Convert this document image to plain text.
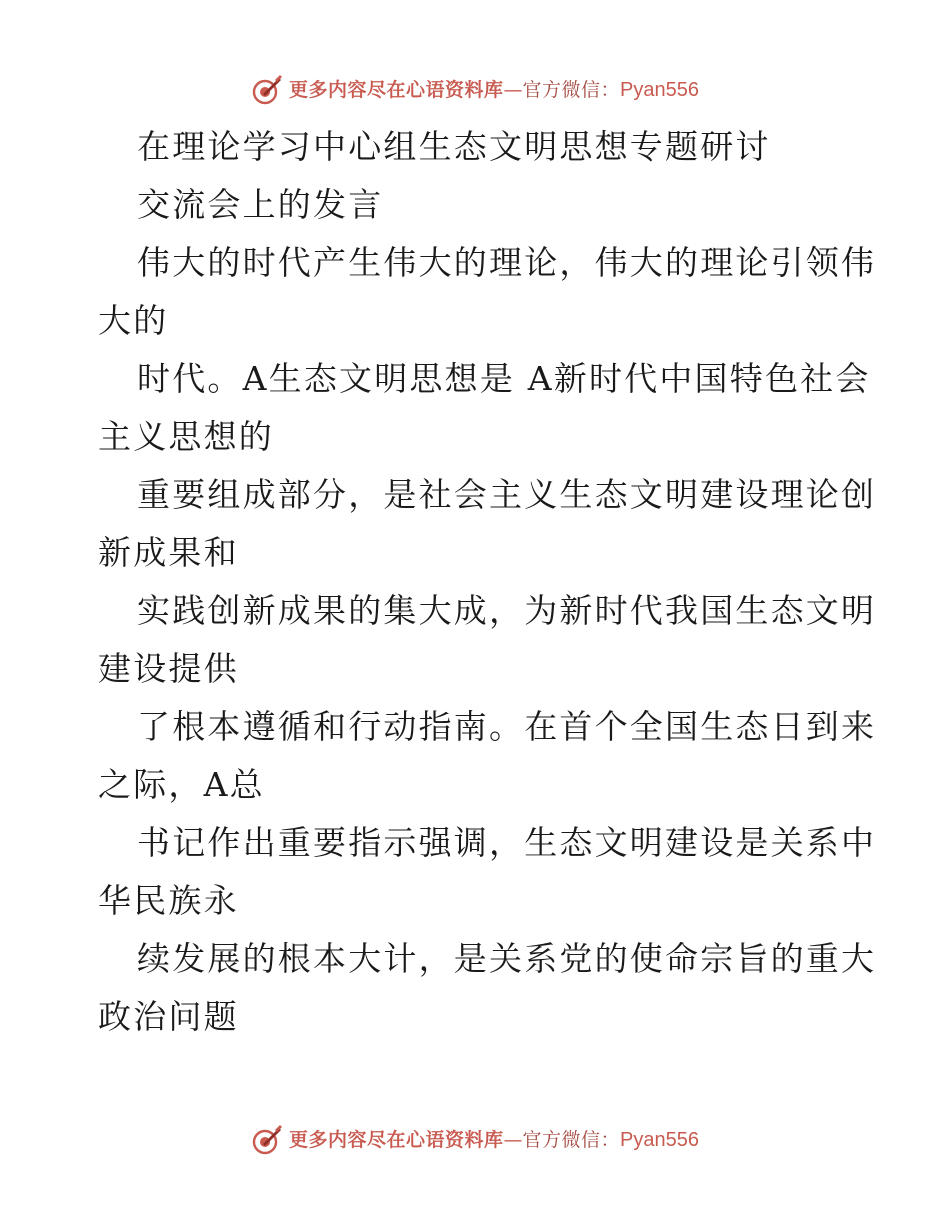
更多内容尽在心语资料库 — 官方微信： Pyan556
在理论学习中心组生态文明思想专题研讨
交流会上的发言
伟大的时代产生伟大的理论，伟大的理论引领伟
大的
时代。A生态文明思想是 A新时代中国特色社会
主义思想的
重要组成部分，是社会主义生态文明建设理论创
新成果和
实践创新成果的集大成，为新时代我国生态文明
建设提供
了根本遵循和行动指南。在首个全国生态日到来
之际，A总
书记作出重要指示强调，生态文明建设是关系中
华民族永
续发展的根本大计，是关系党的使命宗旨的重大
政治问题
更多内容尽在心语资料库 — 官方微信： Pyan556
